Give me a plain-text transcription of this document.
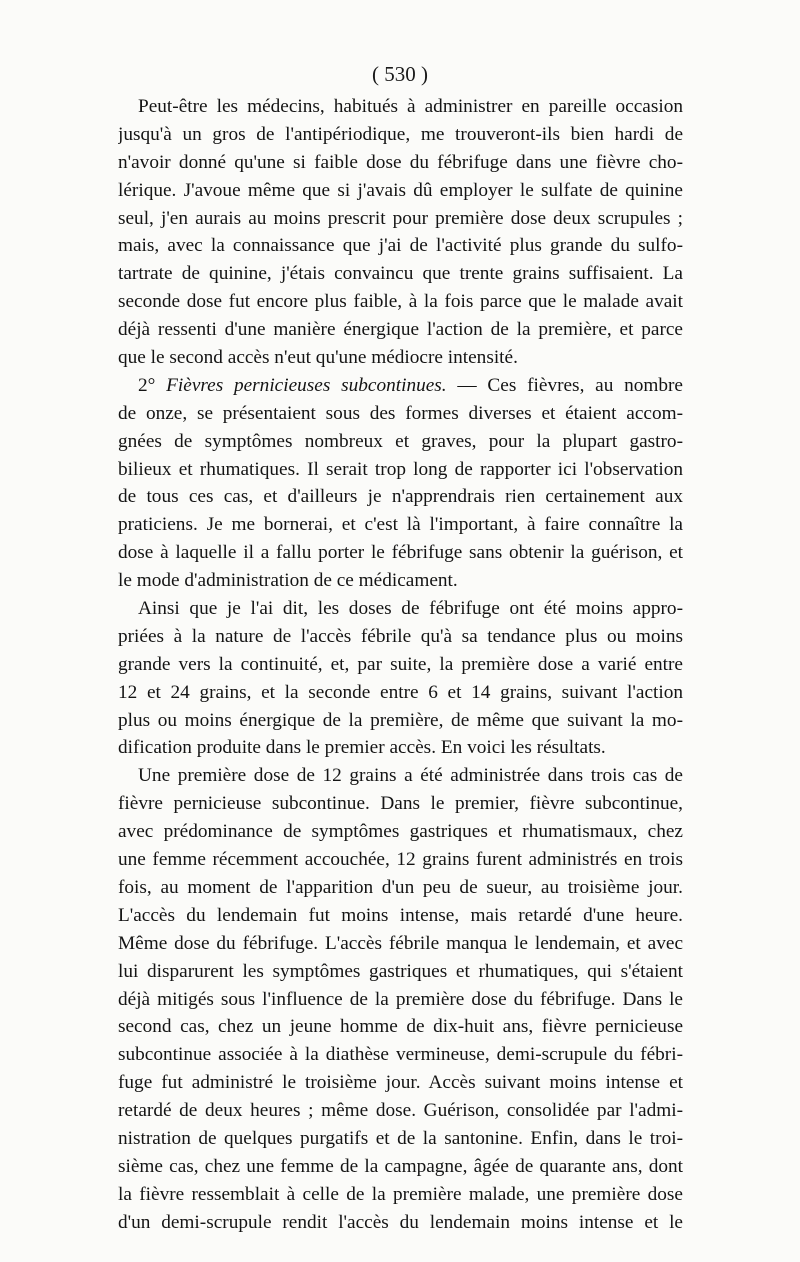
( 530 )
Peut-être les médecins, habitués à administrer en pareille occasion
jusqu'à un gros de l'antipériodique, me trouveront-ils bien hardi de
n'avoir donné qu'une si faible dose du fébrifuge dans une fièvre cho-
lérique. J'avoue même que si j'avais dû employer le sulfate de quinine
seul, j'en aurais au moins prescrit pour première dose deux scrupules ;
mais, avec la connaissance que j'ai de l'activité plus grande du sulfo-
tartrate de quinine, j'étais convaincu que trente grains suffisaient. La
seconde dose fut encore plus faible, à la fois parce que le malade avait
déjà ressenti d'une manière énergique l'action de la première, et parce
que le second accès n'eut qu'une médiocre intensité.
2° Fièvres pernicieuses subcontinues. — Ces fièvres, au nombre
de onze, se présentaient sous des formes diverses et étaient accom-
gnées de symptômes nombreux et graves, pour la plupart gastro-
bilieux et rhumatiques. Il serait trop long de rapporter ici l'observation
de tous ces cas, et d'ailleurs je n'apprendrais rien certainement aux
praticiens. Je me bornerai, et c'est là l'important, à faire connaître la
dose à laquelle il a fallu porter le fébrifuge sans obtenir la guérison, et
le mode d'administration de ce médicament.
Ainsi que je l'ai dit, les doses de fébrifuge ont été moins appro-
priées à la nature de l'accès fébrile qu'à sa tendance plus ou moins
grande vers la continuité, et, par suite, la première dose a varié entre
12 et 24 grains, et la seconde entre 6 et 14 grains, suivant l'action
plus ou moins énergique de la première, de même que suivant la mo-
dification produite dans le premier accès. En voici les résultats.
Une première dose de 12 grains a été administrée dans trois cas de
fièvre pernicieuse subcontinue. Dans le premier, fièvre subcontinue,
avec prédominance de symptômes gastriques et rhumatismaux, chez
une femme récemment accouchée, 12 grains furent administrés en trois
fois, au moment de l'apparition d'un peu de sueur, au troisième jour.
L'accès du lendemain fut moins intense, mais retardé d'une heure.
Même dose du fébrifuge. L'accès fébrile manqua le lendemain, et avec
lui disparurent les symptômes gastriques et rhumatiques, qui s'étaient
déjà mitigés sous l'influence de la première dose du fébrifuge. Dans le
second cas, chez un jeune homme de dix-huit ans, fièvre pernicieuse
subcontinue associée à la diathèse vermineuse, demi-scrupule du fébri-
fuge fut administré le troisième jour. Accès suivant moins intense et
retardé de deux heures ; même dose. Guérison, consolidée par l'admi-
nistration de quelques purgatifs et de la santonine. Enfin, dans le troi-
sième cas, chez une femme de la campagne, âgée de quarante ans, dont
la fièvre ressemblait à celle de la première malade, une première dose
d'un demi-scrupule rendit l'accès du lendemain moins intense et le
